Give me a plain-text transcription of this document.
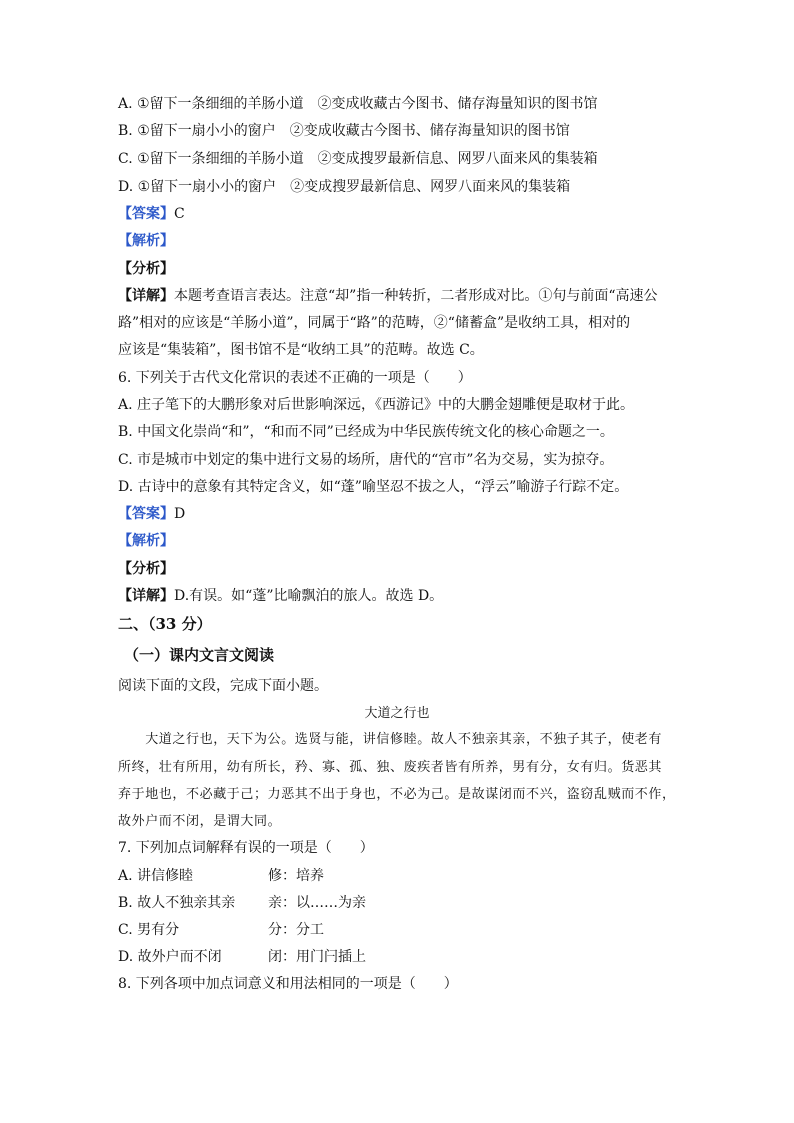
A. ①留下一条细细的羊肠小道　②变成收藏古今图书、储存海量知识的图书馆
B. ①留下一扇小小的窗户　②变成收藏古今图书、储存海量知识的图书馆
C. ①留下一条细细的羊肠小道　②变成搜罗最新信息、网罗八面来风的集装箱
D. ①留下一扇小小的窗户　②变成搜罗最新信息、网罗八面来风的集装箱
【答案】C
【解析】
【分析】
【详解】本题考查语言表达。注意“却”指一种转折，二者形成对比。①句与前面“高速公
路”相对的应该是“羊肠小道”，同属于“路”的范畴，②“储蓄盒”是收纳工具，相对的
应该是“集装箱”，图书馆不是“收纳工具”的范畴。故选 C。
6. 下列关于古代文化常识的表述不正确的一项是（　　）
A. 庄子笔下的大鹏形象对后世影响深远，《西游记》中的大鹏金翅雕便是取材于此。
B. 中国文化崇尚“和”，“和而不同”已经成为中华民族传统文化的核心命题之一。
C. 市是城市中划定的集中进行文易的场所，唐代的“宫市”名为交易，实为掠夺。
D. 古诗中的意象有其特定含义，如“蓬”喻坚忍不拔之人，“浮云”喻游子行踪不定。
【答案】D
【解析】
【分析】
【详解】D.有误。如“蓬”比喻飘泊的旅人。故选 D。
二、（33 分）
（一）课内文言文阅读
阅读下面的文段，完成下面小题。
大道之行也
　　大道之行也，天下为公。选贤与能，讲信修睦。故人不独亲其亲，不独子其子，使老有
所终，壮有所用，幼有所长，矜、寡、孤、独、废疾者皆有所养，男有分，女有归。货恶其
弃于地也，不必藏于己；力恶其不出于身也，不必为己。是故谋闭而不兴，盗窃乱贼而不作，
故外户而不闭，是谓大同。
7. 下列加点词解释有误的一项是（　　）
A. 讲信修睦	修：培养
B. 故人不独亲其亲 亲：以……为亲
C. 男有分	分：分工
D. 故外户而不闭	闭：用门闩插上
8. 下列各项中加点词意义和用法相同的一项是（　　）
